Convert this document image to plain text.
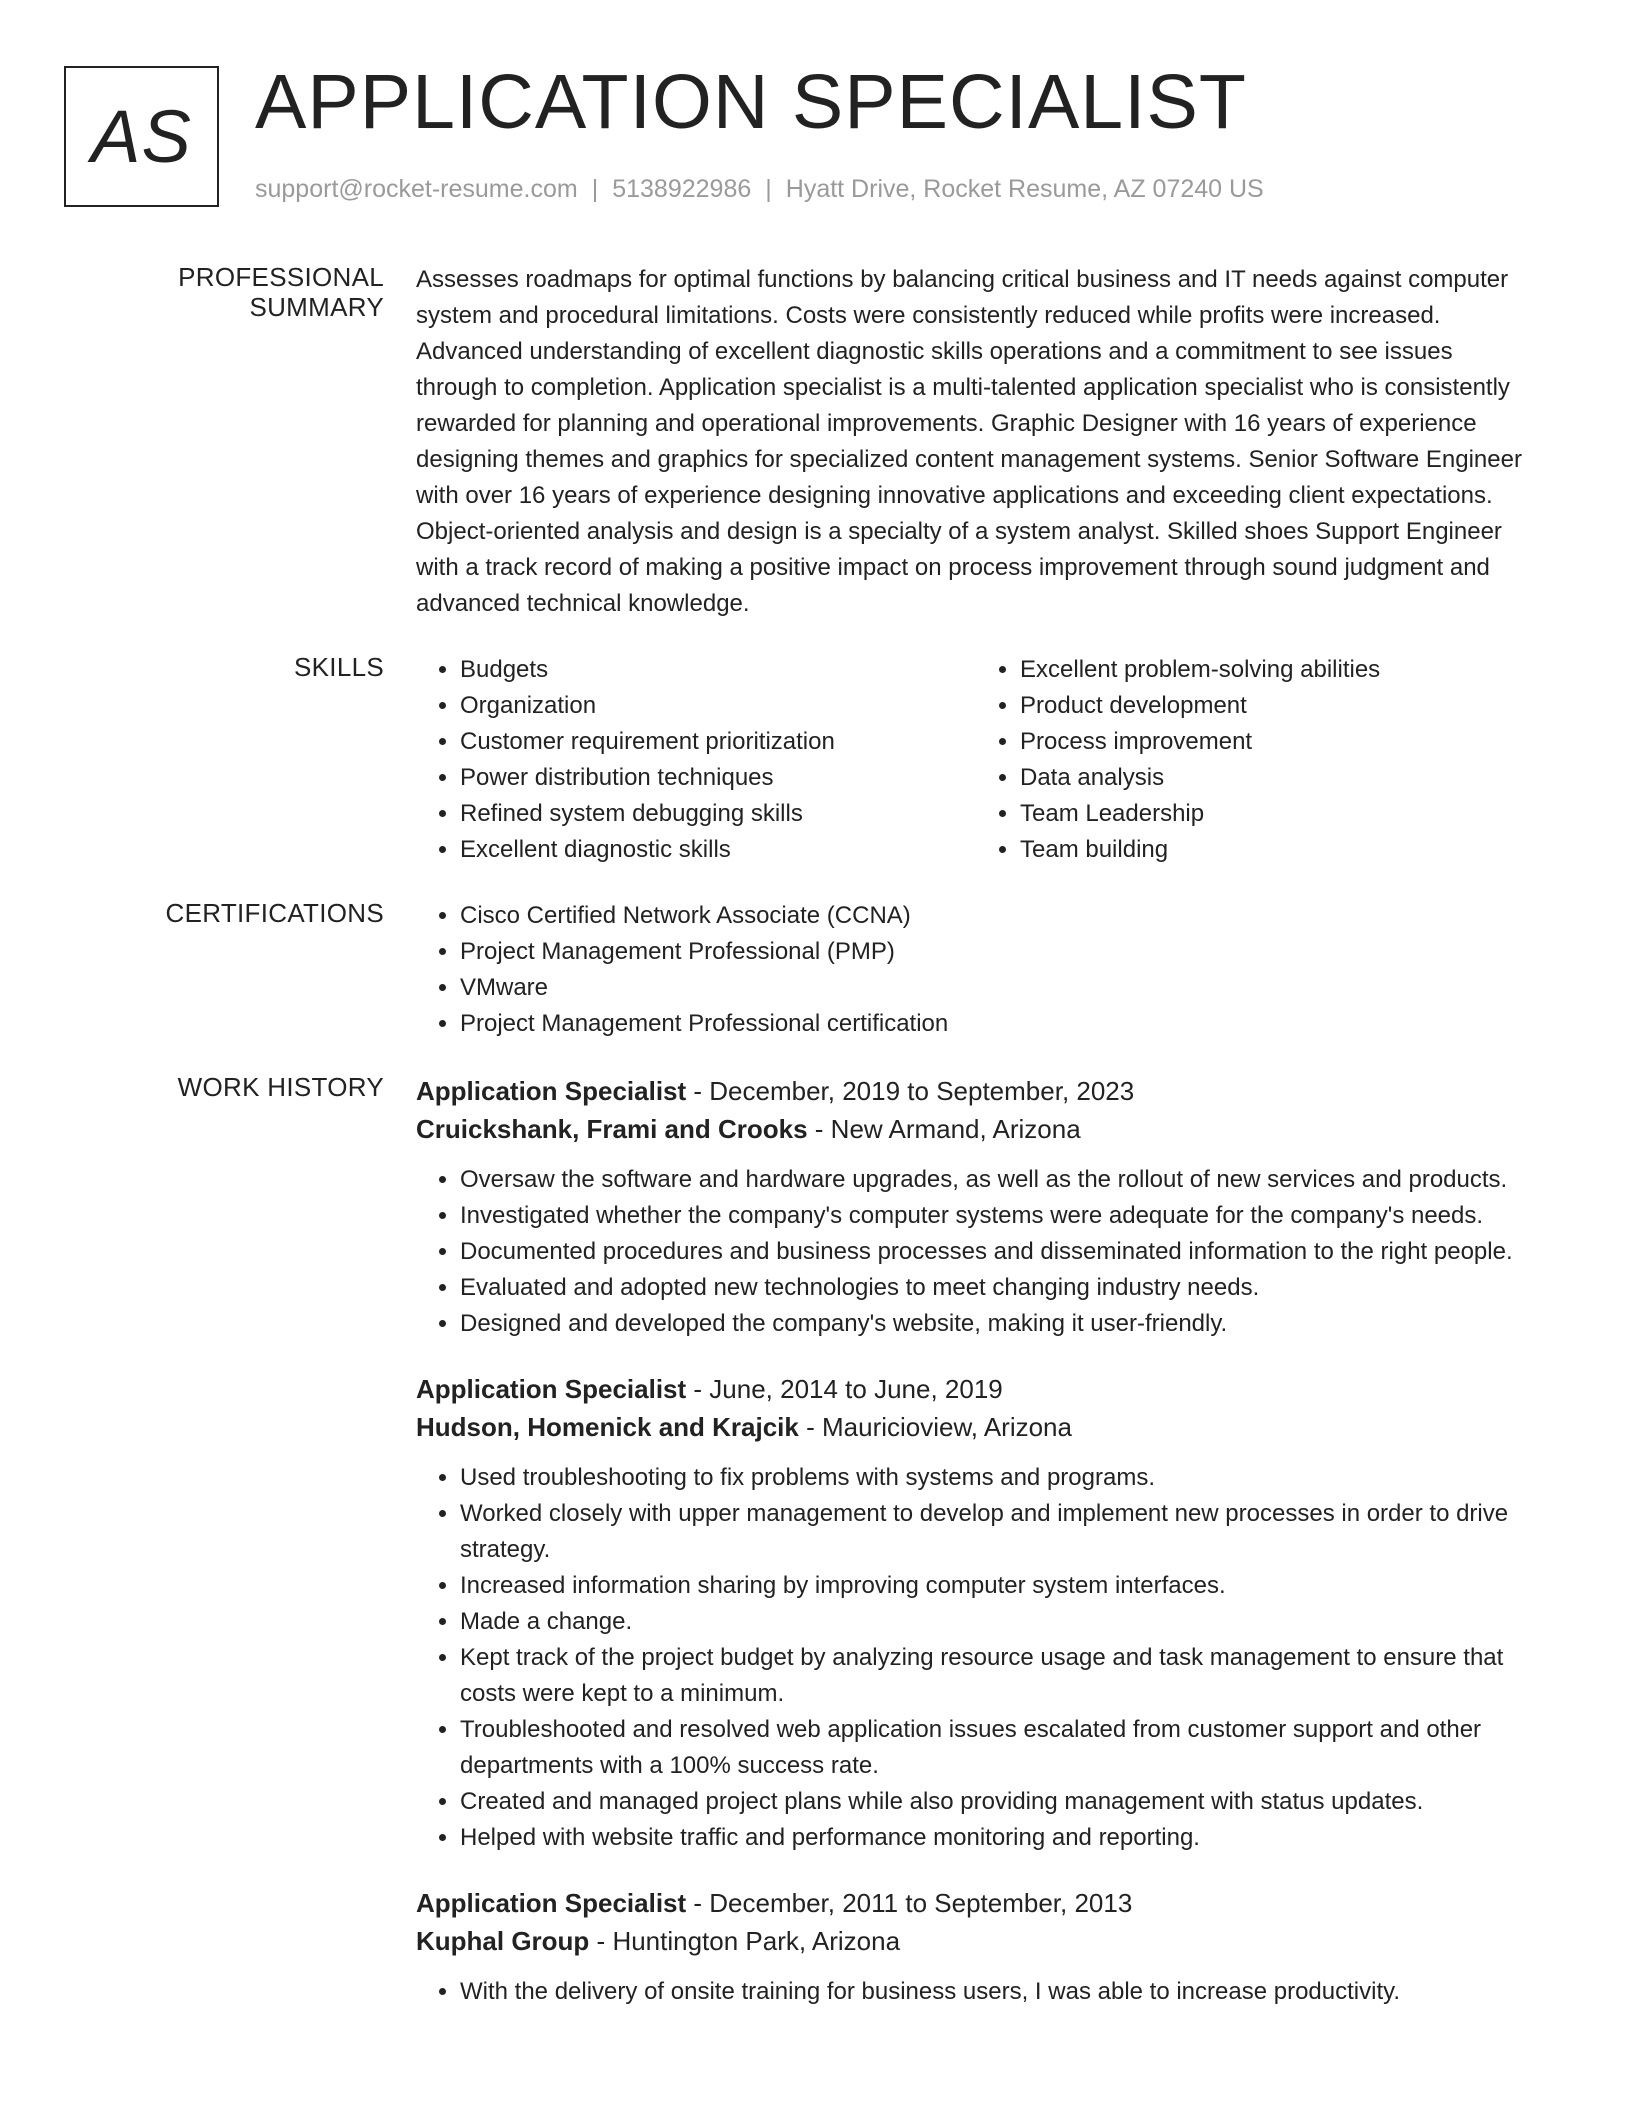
AS APPLICATION SPECIALIST
support@rocket-resume.com | 5138922986 | Hyatt Drive, Rocket Resume, AZ 07240 US
PROFESSIONAL SUMMARY

Assesses roadmaps for optimal functions by balancing critical business and IT needs against computer system and procedural limitations. Costs were consistently reduced while profits were increased. Advanced understanding of excellent diagnostic skills operations and a commitment to see issues through to completion. Application specialist is a multi-talented application specialist who is consistently rewarded for planning and operational improvements. Graphic Designer with 16 years of experience designing themes and graphics for specialized content management systems. Senior Software Engineer with over 16 years of experience designing innovative applications and exceeding client expectations. Object-oriented analysis and design is a specialty of a system analyst. Skilled shoes Support Engineer with a track record of making a positive impact on process improvement through sound judgment and advanced technical knowledge.

SKILLS	• Budgets
• Organization
• Customer requirement prioritization
• Power distribution techniques
• Refined system debugging skills
• Excellent diagnostic skills
• Excellent problem-solving abilities
• Product development
• Process improvement
• Data analysis
• Team Leadership
• Team building
CERTIFICATIONS	• Cisco Certified Network Associate (CCNA)
• Project Management Professional (PMP)
• VMware
• Project Management Professional certification
WORK HISTORY	Application Specialist - December, 2019 to September, 2023
Cruickshank, Frami and Crooks - New Armand, Arizona
• Oversaw the software and hardware upgrades, as well as the rollout of new services and products.
• Investigated whether the company's computer systems were adequate for the company's needs.
• Documented procedures and business processes and disseminated information to the right people.
• Evaluated and adopted new technologies to meet changing industry needs.
• Designed and developed the company's website, making it user-friendly.
Application Specialist - June, 2014 to June, 2019
Hudson, Homenick and Krajcik - Mauricioview, Arizona
• Used troubleshooting to fix problems with systems and programs.
• Worked closely with upper management to develop and implement new processes in order to drive strategy.
• Increased information sharing by improving computer system interfaces.
• Made a change.
• Kept track of the project budget by analyzing resource usage and task management to ensure that costs were kept to a minimum.
• Troubleshooted and resolved web application issues escalated from customer support and other departments with a 100% success rate.
• Created and managed project plans while also providing management with status updates.
• Helped with website traffic and performance monitoring and reporting.
Application Specialist - December, 2011 to September, 2013
Kuphal Group - Huntington Park, Arizona
• With the delivery of onsite training for business users, I was able to increase productivity.
